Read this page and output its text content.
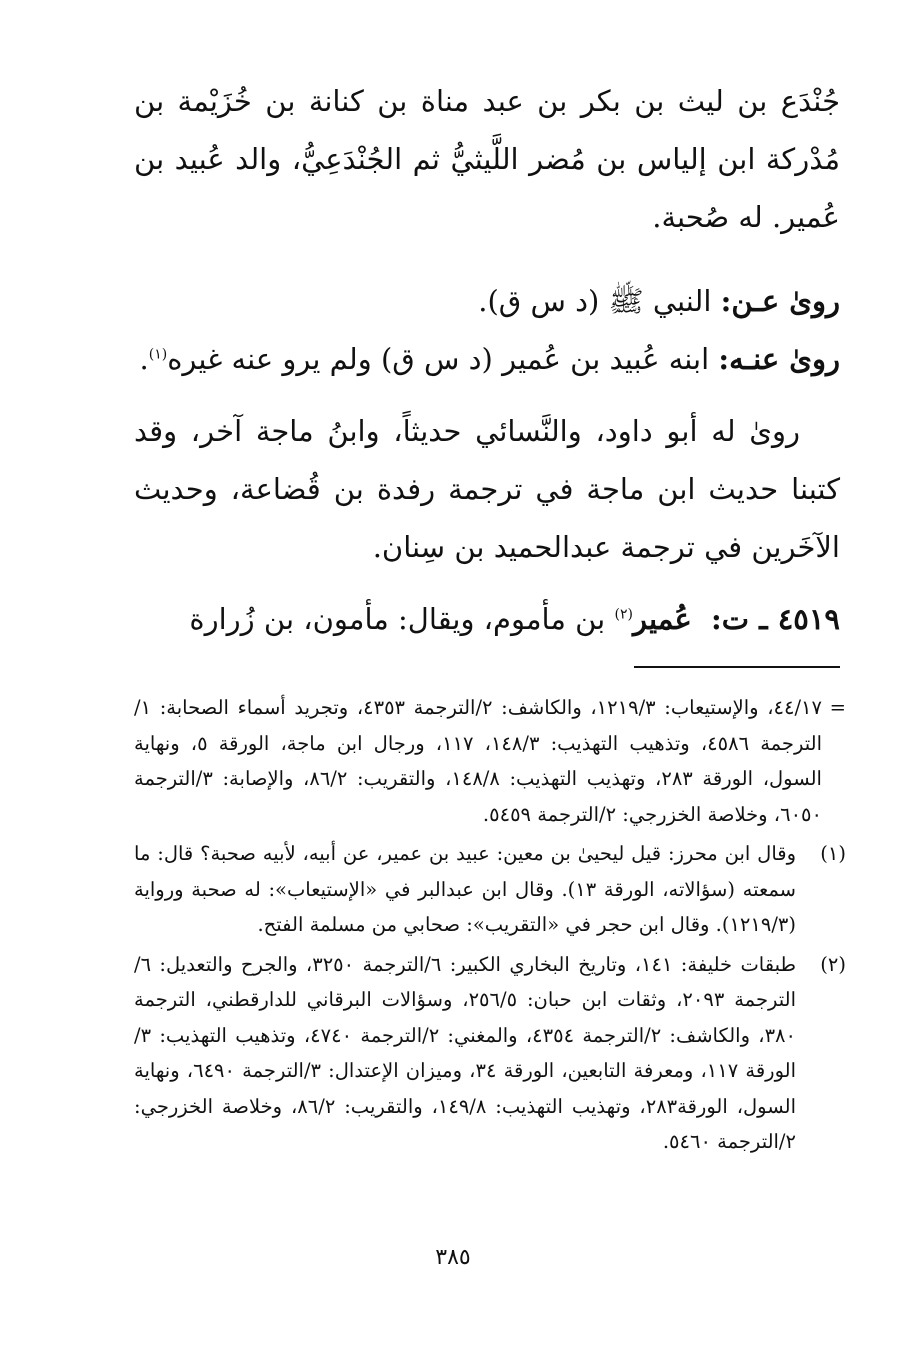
جُنْدَع بن ليث بن بكر بن عبد مناة بن كنانة بن خُزَيْمة بن مُدْركة ابن إلياس بن مُضر اللَّيثيُّ ثم الجُنْدَعِيُّ، والد عُبيد بن عُمير. له صُحبة.

روىٰ عـن: النبي ﷺ (د س ق).

روىٰ عنـه: ابنه عُبيد بن عُمير (د س ق) ولم يرو عنه غيره$^{(١)}$.

روىٰ له أبو داود، والنَّسائي حديثاً، وابنُ ماجة آخر، وقد كتبنا حديث ابن ماجة في ترجمة رفدة بن قُضاعة، وحديث الآخَرين في ترجمة عبدالحميد بن سِنان.

٤٥١٩ ـ ت: عُمير$^{(٢)}$ بن مأموم، ويقال: مأمون، بن زُرارة

=
٤٤/١٧، والإستيعاب: ١٢١٩/٣، والكاشف: ٢/الترجمة ٤٣٥٣، وتجريد أسماء الصحابة: ١/الترجمة ٤٥٨٦، وتذهيب التهذيب: ١٤٨/٣، ١١٧، ورجال ابن ماجة، الورقة ٥، ونهاية السول، الورقة ٢٨٣، وتهذيب التهذيب: ١٤٨/٨، والتقريب: ٨٦/٢، والإصابة: ٣/الترجمة ٦٠٥٠، وخلاصة الخزرجي: ٢/الترجمة ٥٤٥٩.

(١)
وقال ابن محرز: قيل ليحيىٰ بن معين: عبيد بن عمير، عن أبيه، لأبيه صحبة؟ قال: ما سمعته (سؤالاته، الورقة ١٣). وقال ابن عبدالبر في «الإستيعاب»: له صحبة ورواية (١٢١٩/٣). وقال ابن حجر في «التقريب»: صحابي من مسلمة الفتح.

(٢)
طبقات خليفة: ١٤١، وتاريخ البخاري الكبير: ٦/الترجمة ٣٢٥٠، والجرح والتعديل: ٦/الترجمة ٢٠٩٣، وثقات ابن حبان: ٢٥٦/٥، وسؤالات البرقاني للدارقطني، الترجمة ٣٨٠، والكاشف: ٢/الترجمة ٤٣٥٤، والمغني: ٢/الترجمة ٤٧٤٠، وتذهيب التهذيب: ٣/الورقة ١١٧، ومعرفة التابعين، الورقة ٣٤، وميزان الإعتدال: ٣/الترجمة ٦٤٩٠، ونهاية السول، الورقة٢٨٣، وتهذيب التهذيب: ١٤٩/٨، والتقريب: ٨٦/٢، وخلاصة الخزرجي: ٢/الترجمة ٥٤٦٠.

٣٨٥
